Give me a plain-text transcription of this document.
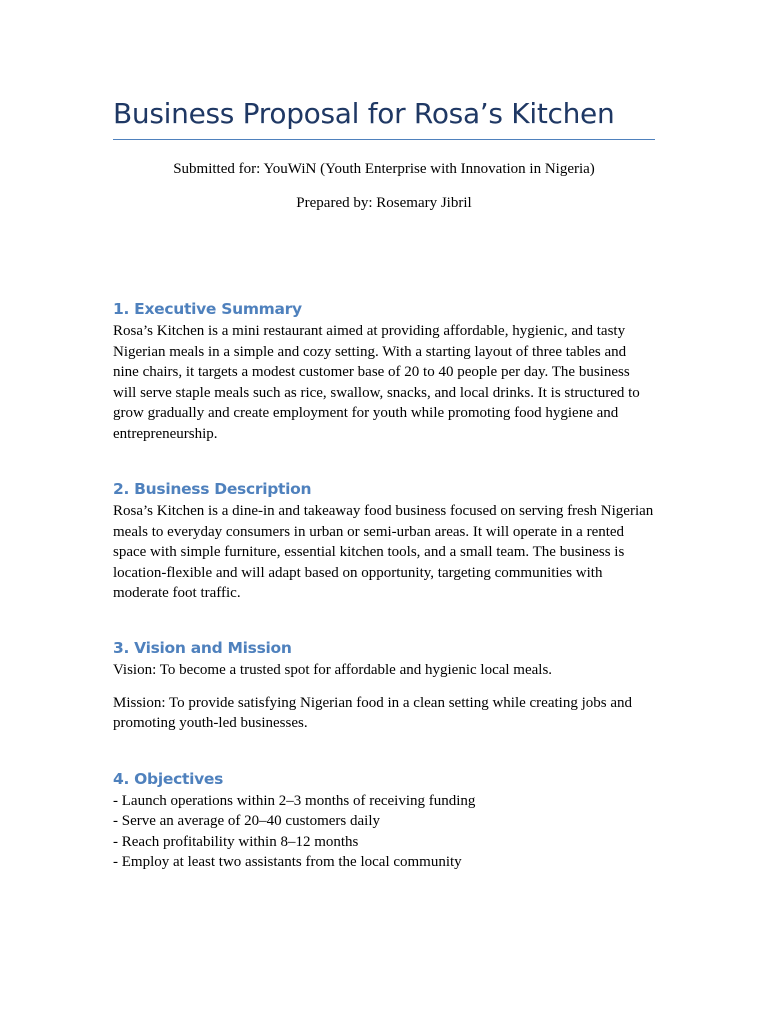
Business Proposal for Rosa’s Kitchen

Submitted for: YouWiN (Youth Enterprise with Innovation in Nigeria)

Prepared by: Rosemary Jibril

1. Executive Summary

Rosa’s Kitchen is a mini restaurant aimed at providing affordable, hygienic, and tasty Nigerian meals in a simple and cozy setting. With a starting layout of three tables and nine chairs, it targets a modest customer base of 20 to 40 people per day. The business will serve staple meals such as rice, swallow, snacks, and local drinks. It is structured to grow gradually and create employment for youth while promoting food hygiene and entrepreneurship.

2. Business Description

Rosa’s Kitchen is a dine-in and takeaway food business focused on serving fresh Nigerian meals to everyday consumers in urban or semi-urban areas. It will operate in a rented space with simple furniture, essential kitchen tools, and a small team. The business is location-flexible and will adapt based on opportunity, targeting communities with moderate foot traffic.

3. Vision and Mission

Vision: To become a trusted spot for affordable and hygienic local meals.

Mission: To provide satisfying Nigerian food in a clean setting while creating jobs and promoting youth-led businesses.

4. Objectives
- Launch operations within 2–3 months of receiving funding
- Serve an average of 20–40 customers daily
- Reach profitability within 8–12 months
- Employ at least two assistants from the local community
